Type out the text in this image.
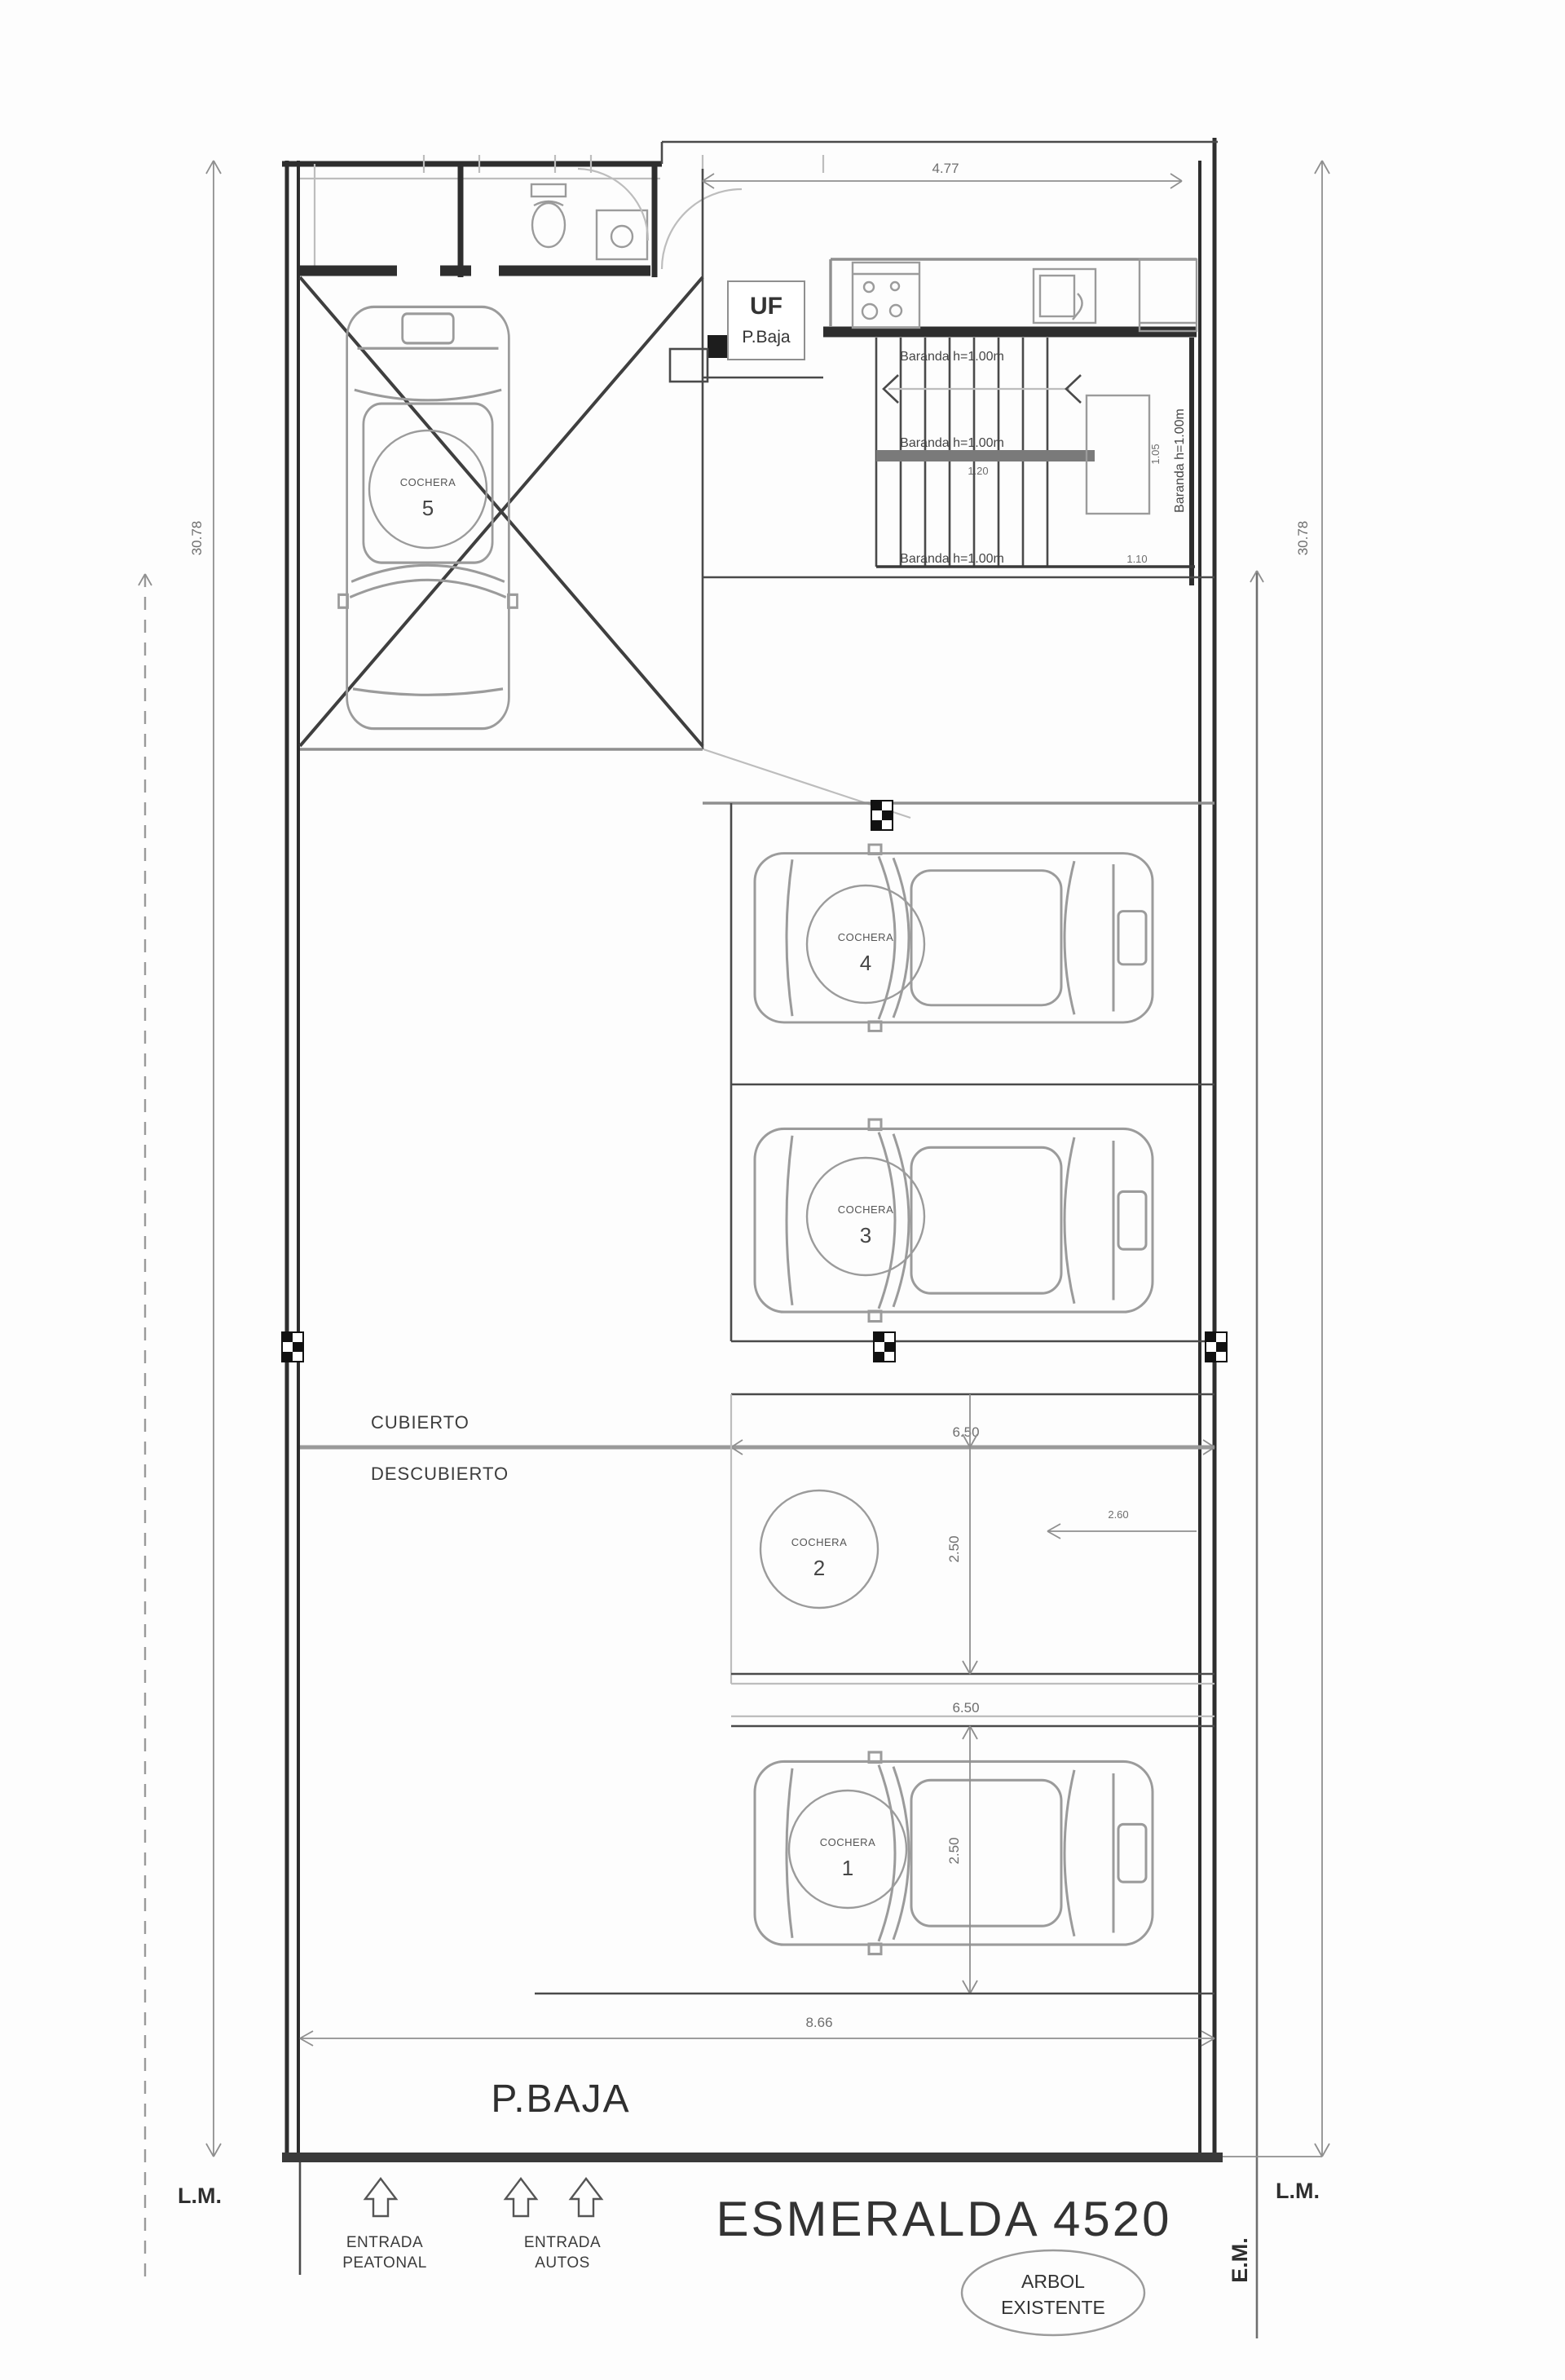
30.78	30.78
UF
P.Baja
4.77
Baranda h=1.00m
Baranda h=1.00m
Baranda h=1.00m
Baranda h=1.00m
1.20
1.05
1.10
COCHERA
5
COCHERA
4
COCHERA
3
CUBIERTO
DESCUBIERTO
6.50
2.50
2.60
COCHERA
2
6.50
COCHERA
1
2.50
8.66
P.BAJA
L.M.	L.M.
E.M.
ENTRADA
PEATONAL
ENTRADA
AUTOS
ESMERALDA 4520
ARBOL
EXISTENTE
